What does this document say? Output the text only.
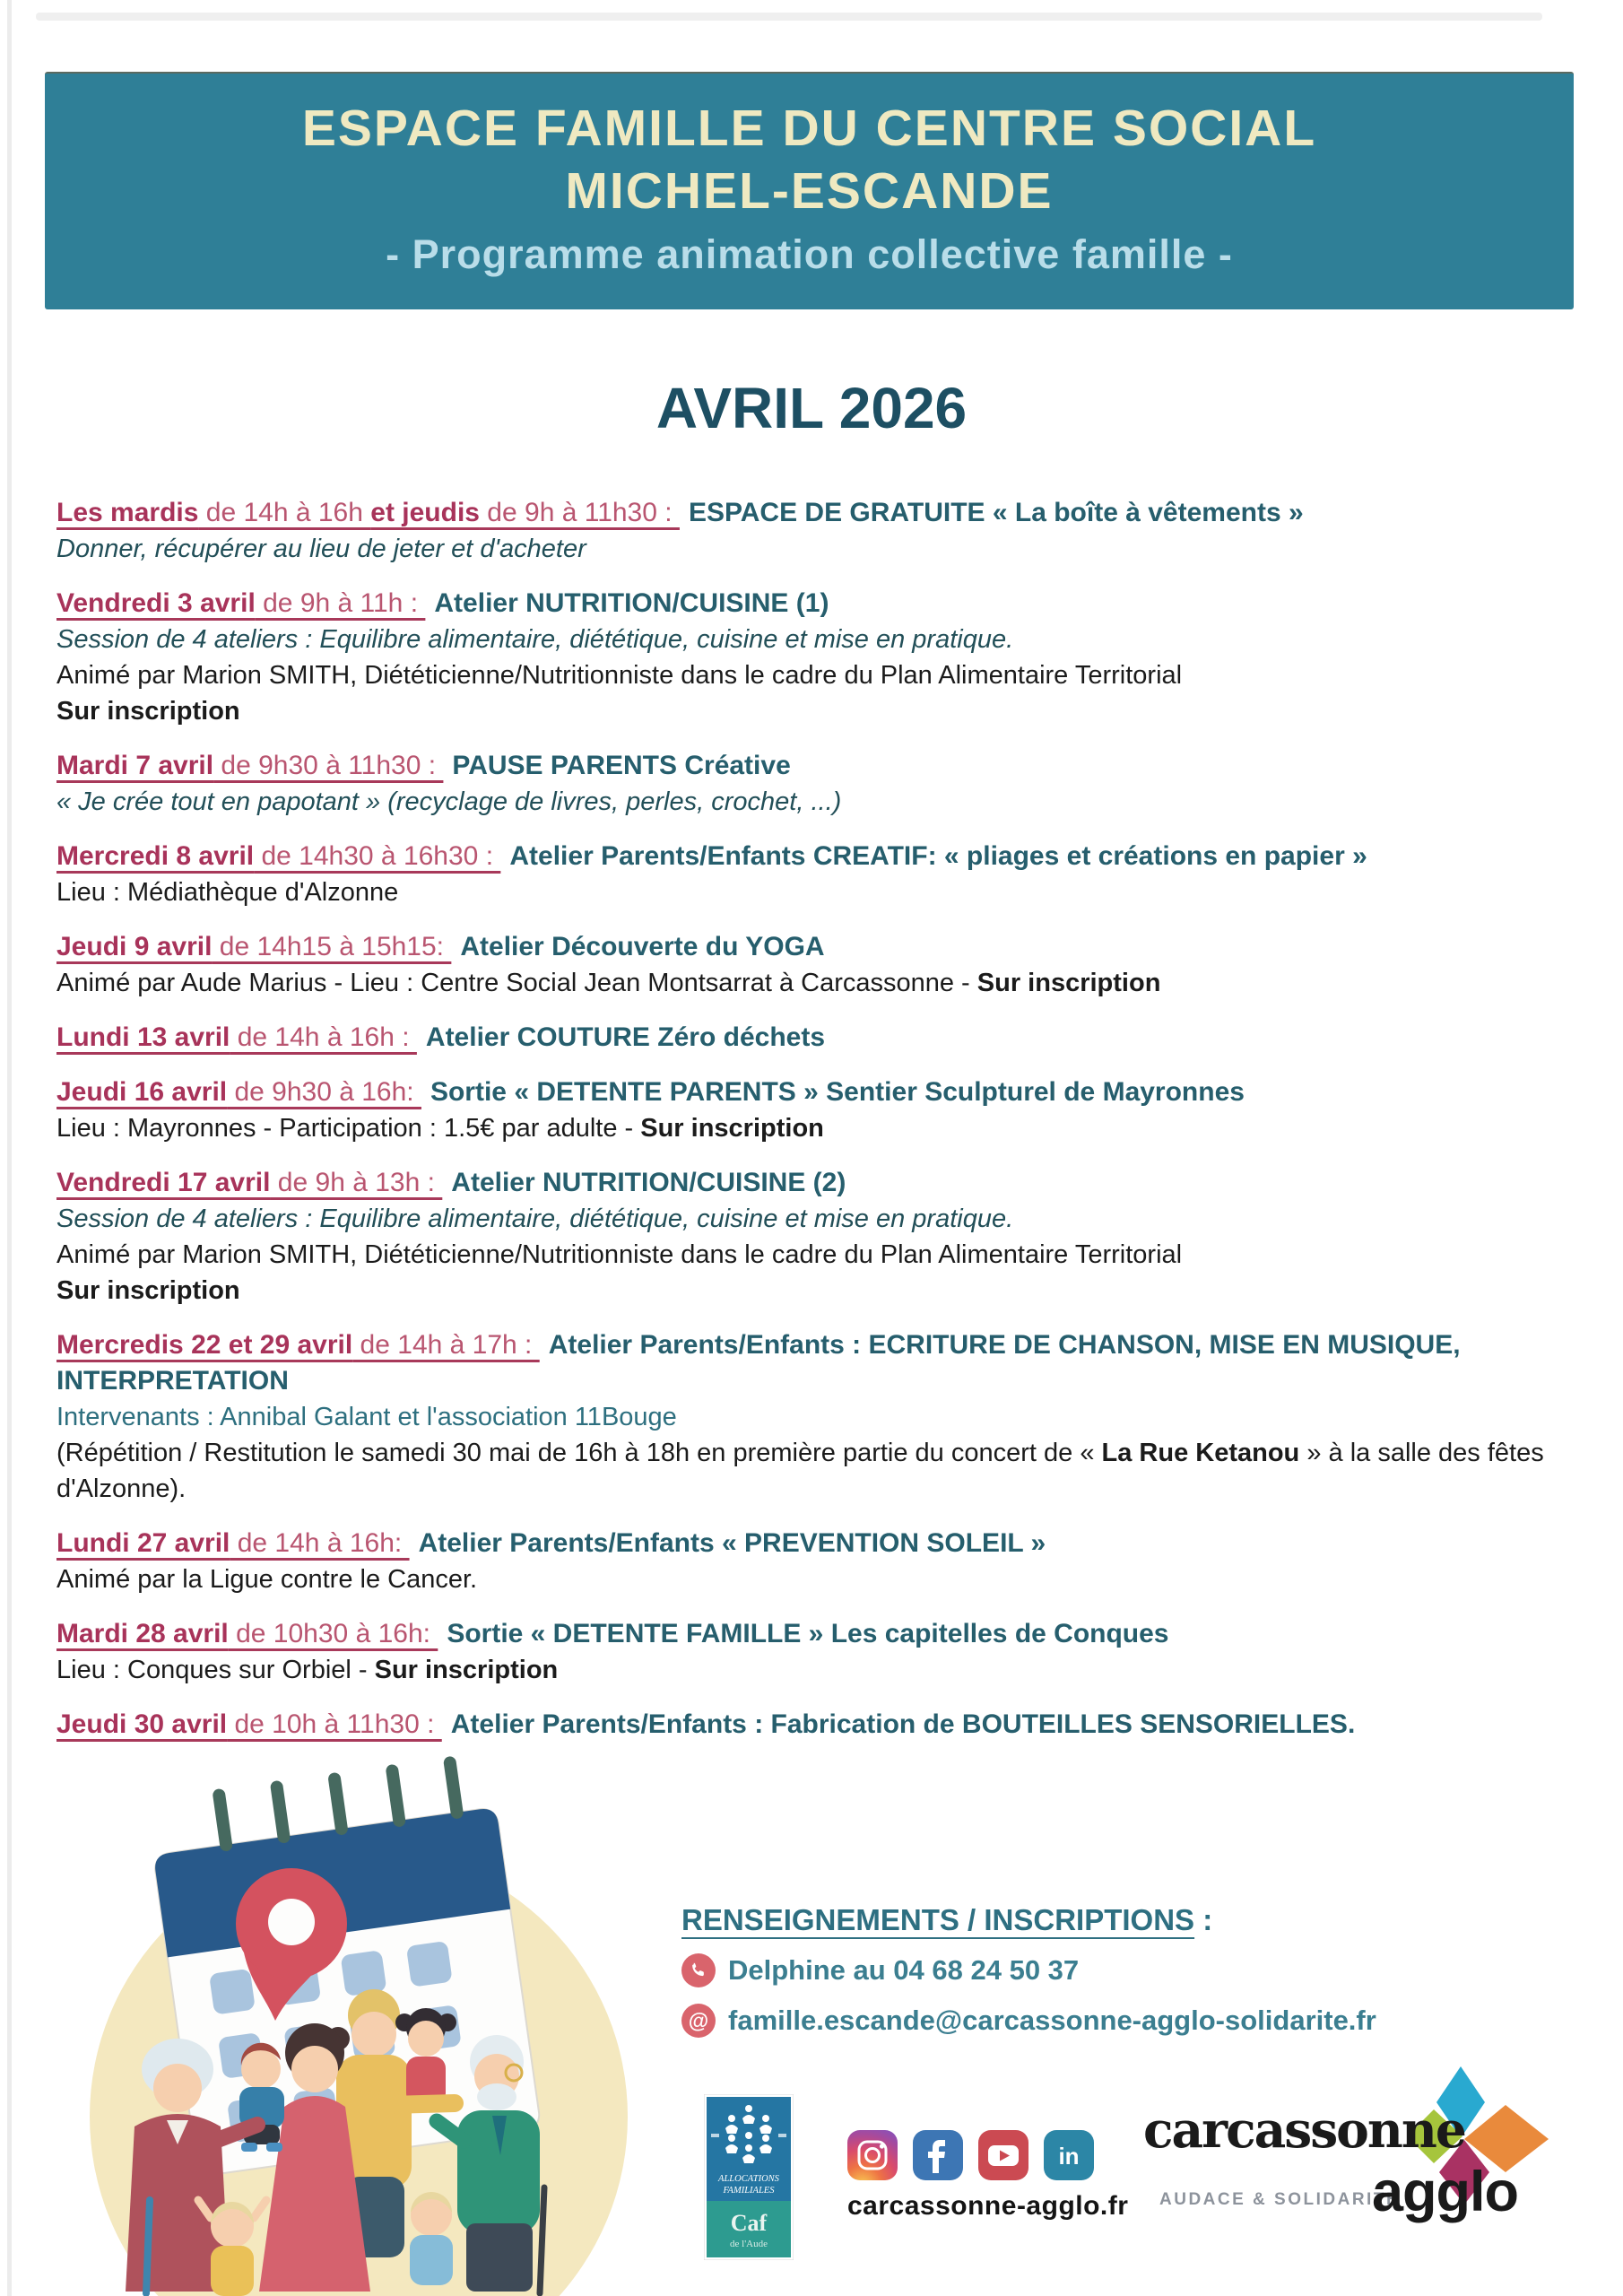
ESPACE FAMILLE DU CENTRE SOCIAL
MICHEL-ESCANDE
- Programme animation collective famille -
AVRIL 2026
Les mardis de 14h à 16h et jeudis de 9h à 11h30 : ESPACE DE GRATUITE « La boîte à vêtements »
Donner, récupérer au lieu de jeter et d'acheter
Vendredi 3 avril de 9h à 11h : Atelier NUTRITION/CUISINE (1)
Session de 4 ateliers : Equilibre alimentaire, diététique, cuisine et mise en pratique.
Animé par Marion SMITH, Diététicienne/Nutritionniste dans le cadre du Plan Alimentaire Territorial
Sur inscription
Mardi 7 avril de 9h30 à 11h30 : PAUSE PARENTS Créative
« Je crée tout en papotant » (recyclage de livres, perles, crochet, ...)
Mercredi 8 avril de 14h30 à 16h30 : Atelier Parents/Enfants CREATIF: « pliages et créations en papier »
Lieu : Médiathèque d'Alzonne
Jeudi 9 avril de 14h15 à 15h15: Atelier Découverte du YOGA
Animé par Aude Marius - Lieu : Centre Social Jean Montsarrat à Carcassonne - Sur inscription
Lundi 13 avril de 14h à 16h : Atelier COUTURE Zéro déchets
Jeudi 16 avril de 9h30 à 16h: Sortie « DETENTE PARENTS » Sentier Sculpturel de Mayronnes
Lieu : Mayronnes - Participation : 1.5€ par adulte - Sur inscription
Vendredi 17 avril de 9h à 13h : Atelier NUTRITION/CUISINE (2)
Session de 4 ateliers : Equilibre alimentaire, diététique, cuisine et mise en pratique.
Animé par Marion SMITH, Diététicienne/Nutritionniste dans le cadre du Plan Alimentaire Territorial
Sur inscription
Mercredis 22 et 29 avril de 14h à 17h : Atelier Parents/Enfants : ECRITURE DE CHANSON, MISE EN MUSIQUE, INTERPRETATION
Intervenants : Annibal Galant et l'association 11Bouge
(Répétition / Restitution le samedi 30 mai de 16h à 18h en première partie du concert de « La Rue Ketanou » à la salle des fêtes d'Alzonne).
Lundi 27 avril de 14h à 16h: Atelier Parents/Enfants « PREVENTION SOLEIL »
Animé par la Ligue contre le Cancer.
Mardi 28 avril de 10h30 à 16h: Sortie « DETENTE FAMILLE » Les capitelles de Conques
Lieu : Conques sur Orbiel - Sur inscription
Jeudi 30 avril de 10h à 11h30 : Atelier Parents/Enfants : Fabrication de BOUTEILLES SENSORIELLES.
RENSEIGNEMENTS / INSCRIPTIONS :
Delphine au 04 68 24 50 37
@ famille.escande@carcassonne-agglo-solidarite.fr
ALLOCATIONS
FAMILIALES
Caf
de l'Aude
in
carcassonne-agglo.fr
carcassonne
AUDACE & SOLIDARITÉ
agglo
